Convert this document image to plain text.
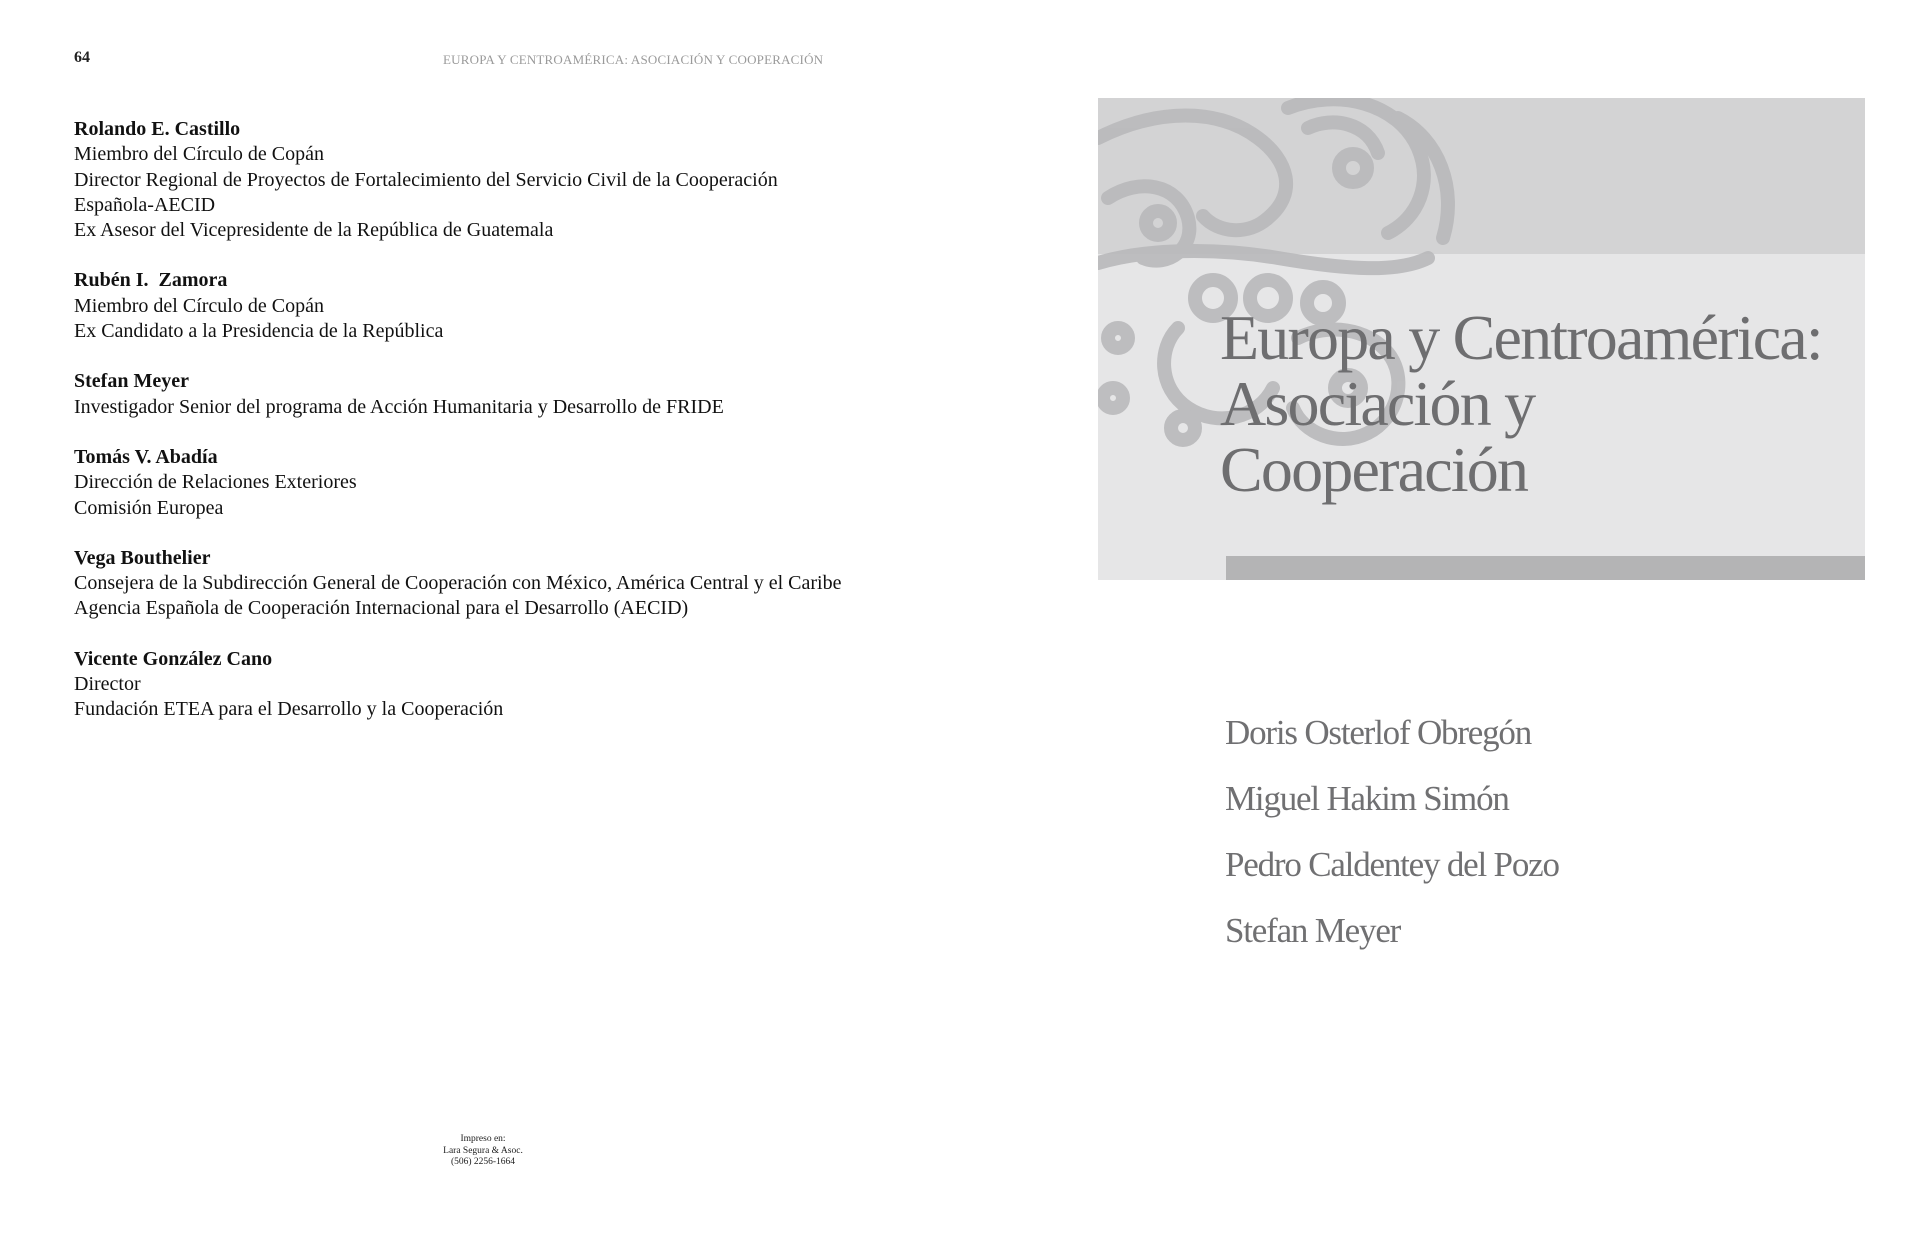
64	EUROPA Y CENTROAMÉRICA: ASOCIACIÓN Y COOPERACIÓN
Rolando E. Castillo
Miembro del Círculo de Copán
Director Regional de Proyectos de Fortalecimiento del Servicio Civil de la Cooperación Española-AECID
Ex Asesor del Vicepresidente de la República de Guatemala
Rubén I.  Zamora
Miembro del Círculo de Copán
Ex Candidato a la Presidencia de la República
Stefan Meyer
Investigador Senior del programa de Acción Humanitaria y Desarrollo de FRIDE
Tomás V. Abadía
Dirección de Relaciones Exteriores
Comisión Europea
Vega Bouthelier
Consejera de la Subdirección General de Cooperación con México, América Central y el Caribe
Agencia Española de Cooperación Internacional para el Desarrollo (AECID)
Vicente González Cano
Director
Fundación ETEA para el Desarrollo y la Cooperación
Impreso en:
Lara Segura & Asoc.
(506) 2256-1664
Europa y Centroamérica:
Asociación y
Cooperación
Doris Osterlof Obregón
Miguel Hakim Simón
Pedro Caldentey del Pozo
Stefan Meyer
